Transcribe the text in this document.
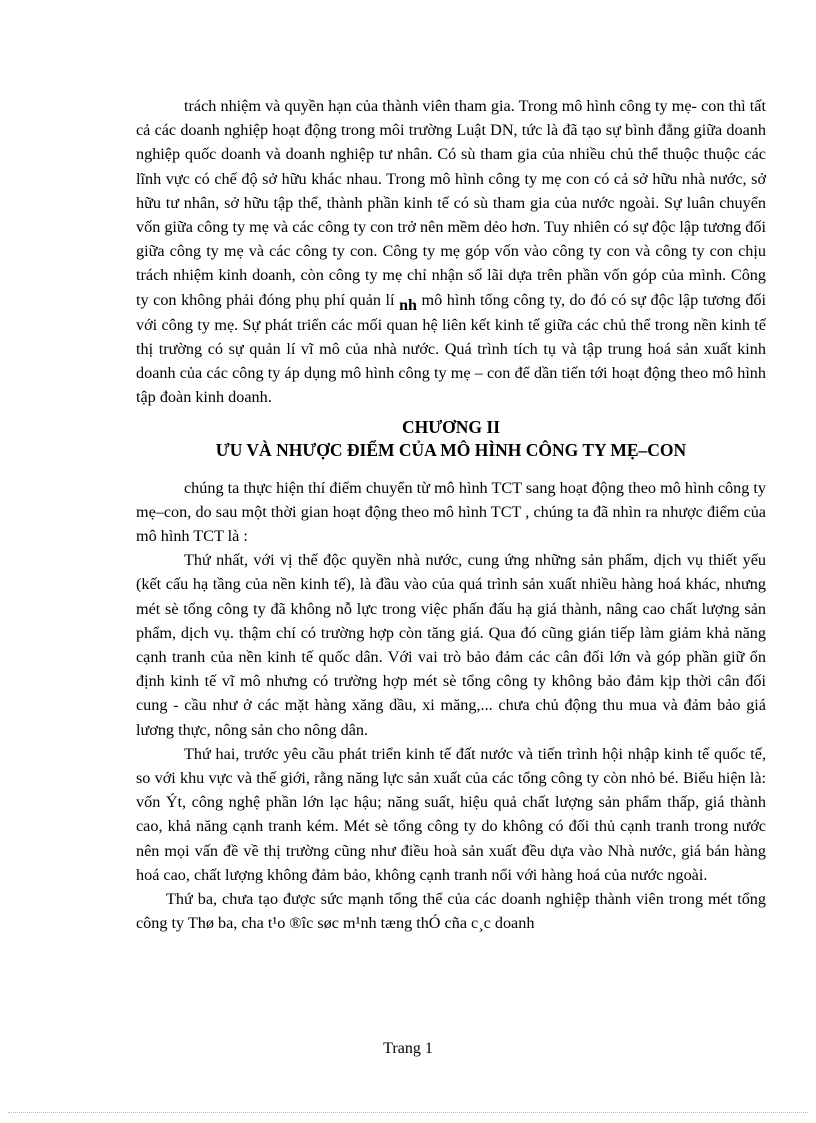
trách nhiệm và quyền hạn của thành viên tham gia. Trong mô hình công ty mẹ- con thì tất cả các doanh nghiệp hoạt động trong môi trường Luật DN, tức là đã tạo sự bình đẳng giữa doanh nghiệp quốc doanh và doanh nghiệp tư nhân. Có sù tham gia của nhiều chủ thể thuộc thuộc các lĩnh vực có chế độ sở hữu khác nhau. Trong mô hình công ty mẹ con có cả sở hữu nhà nước, sở hữu tư nhân, sở hữu tập thể, thành phần kinh tế có sù tham gia của nước ngoài. Sự luân chuyển vốn giữa công ty mẹ và các công ty con trở nên mềm dẻo hơn. Tuy nhiên có sự độc lập tương đối giữa công ty mẹ và các công ty con. Công ty mẹ góp vốn vào công ty con và công ty con chịu trách nhiệm kinh doanh, còn công ty mẹ chỉ nhận số lãi dựa trên phần vốn góp của mình. Công ty con không phải đóng phụ phí quản lí nh mô hình tổng công ty, do đó có sự độc lập tương đối với công ty mẹ. Sự phát triển các mối quan hệ liên kết kinh tế giữa các chủ thể trong nền kinh tế thị trường có sự quản lí vĩ mô của nhà nước. Quá trình tích tụ và tập trung hoá sản xuất kinh doanh của các công ty áp dụng mô hình công ty mẹ – con để dần tiến tới hoạt động theo mô hình tập đoàn kinh doanh.

CHƯƠNG II
ƯU VÀ NHƯỢC ĐIỂM CỦA MÔ HÌNH CÔNG TY MẸ–CON

chúng ta thực hiện thí điểm chuyển từ mô hình TCT sang hoạt động theo mô hình công ty mẹ–con, do sau một thời gian hoạt động theo mô hình TCT , chúng ta đã nhìn ra nhược điểm của mô hình TCT là :

Thứ nhất, với vị thế độc quyền nhà nước, cung ứng những sản phẩm, dịch vụ thiết yếu (kết cấu hạ tầng của nền kinh tế), là đầu vào của quá trình sản xuất nhiều hàng hoá khác, nhưng mét sè tổng công ty đã không nỗ lực trong việc phấn đấu hạ giá thành, nâng cao chất lượng sản phẩm, dịch vụ. thậm chí có trường hợp còn tăng giá. Qua đó cũng gián tiếp làm giảm khả năng cạnh tranh của nền kinh tế quốc dân. Với vai trò bảo đảm các cân đối lớn và góp phần giữ ổn định kinh tế vĩ mô nhưng có trường hợp mét sè tổng công ty không bảo đảm kịp thời cân đối cung - cầu như ở các mặt hàng xăng dầu, xi măng,... chưa chủ động thu mua và đảm bảo giá lương thực, nông sản cho nông dân.

Thứ hai, trước yêu cầu phát triển kinh tế đất nước và tiến trình hội nhập kinh tế quốc tế, so với khu vực và thế giới, rằng năng lực sản xuất của các tổng công ty còn nhỏ bé. Biểu hiện là: vốn Ýt, công nghệ phần lớn lạc hậu; năng suất, hiệu quả chất lượng sản phẩm thấp, giá thành cao, khả năng cạnh tranh kém. Mét sè tổng công ty do không có đối thủ cạnh tranh trong nước nên mọi vấn đề về thị trường cũng như điều hoà sản xuất đều dựa vào Nhà nước, giá bán hàng hoá cao, chất lượng không đảm bảo, không cạnh tranh nổi với hàng hoá của nước ngoài.

Thứ ba, chưa tạo được sức mạnh tổng thể của các doanh nghiệp thành viên trong mét tổng công ty Thø ba, cha t¹o ®îc søc m¹nh tæng thÓ cña c¸c doanh

Trang 1
